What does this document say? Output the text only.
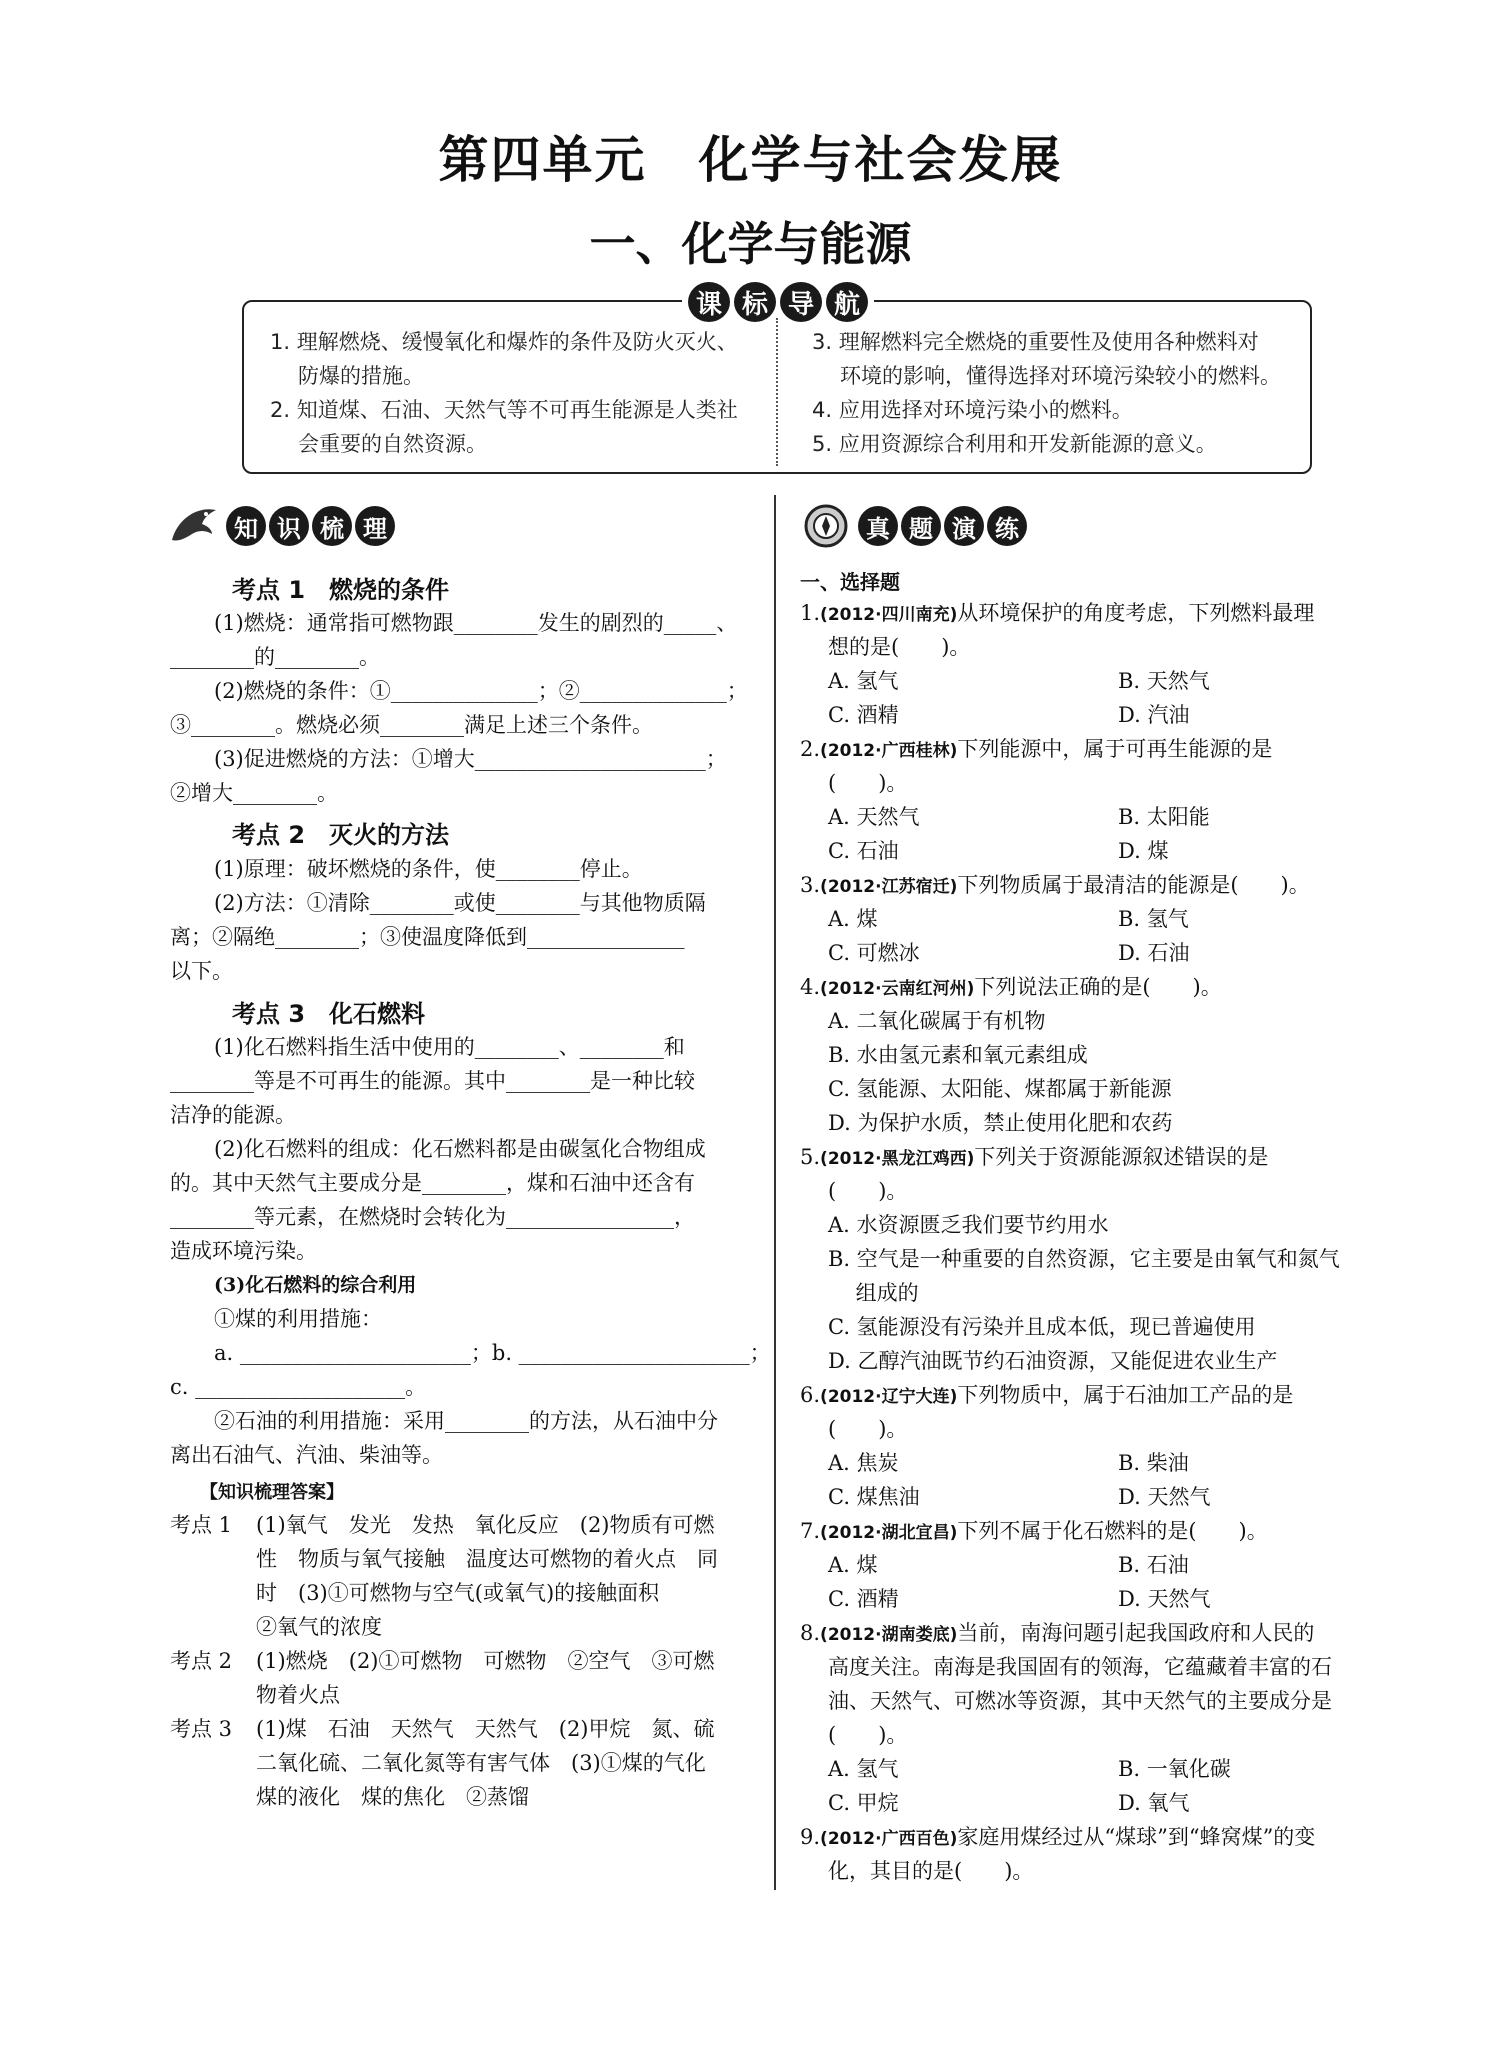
第四单元　化学与社会发展
一、化学与能源
课 标 导 航
1. 理解燃烧、缓慢氧化和爆炸的条件及防火灭火、
防爆的措施。
2. 知道煤、石油、天然气等不可再生能源是人类社
会重要的自然资源。
3. 理解燃料完全燃烧的重要性及使用各种燃料对
环境的影响，懂得选择对环境污染较小的燃料。
4. 应用选择对环境污染小的燃料。
5. 应用资源综合利用和开发新能源的意义。
知 识 梳 理
考点 1　燃烧的条件
(1)燃烧：通常指可燃物跟________发生的剧烈的_____、
________的________。
(2)燃烧的条件：①______________；②______________；
③________。燃烧必须________满足上述三个条件。
(3)促进燃烧的方法：①增大______________________；
②增大________。
考点 2　灭火的方法
(1)原理：破坏燃烧的条件，使________停止。
(2)方法：①清除________或使________与其他物质隔
离；②隔绝________；③使温度降低到_______________
以下。
考点 3　化石燃料
(1)化石燃料指生活中使用的________、________和
________等是不可再生的能源。其中________是一种比较
洁净的能源。
(2)化石燃料的组成：化石燃料都是由碳氢化合物组成
的。其中天然气主要成分是________，煤和石油中还含有
________等元素，在燃烧时会转化为________________，
造成环境污染。
(3)化石燃料的综合利用
①煤的利用措施：
a. ______________________；b. ______________________；
c. ____________________。
②石油的利用措施：采用________的方法，从石油中分
离出石油气、汽油、柴油等。
【知识梳理答案】
考点 1 (1)氧气　发光　发热　氧化反应　(2)物质有可燃
性　物质与氧气接触　温度达可燃物的着火点　同
时　(3)①可燃物与空气(或氧气)的接触面积
②氧气的浓度
考点 2 (1)燃烧　(2)①可燃物　可燃物　②空气　③可燃
物着火点
考点 3 (1)煤　石油　天然气　天然气　(2)甲烷　氮、硫
二氧化硫、二氧化氮等有害气体　(3)①煤的气化
煤的液化　煤的焦化　②蒸馏
真 题 演 练
一、选择题
1.(2012·四川南充)从环境保护的角度考虑，下列燃料最理
想的是(　　)。
A. 氢气	B. 天然气
C. 酒精	D. 汽油
2.(2012·广西桂林)下列能源中，属于可再生能源的是
(　　)。
A. 天然气	B. 太阳能
C. 石油	D. 煤
3.(2012·江苏宿迁)下列物质属于最清洁的能源是(　　)。
A. 煤	B. 氢气
C. 可燃冰	D. 石油
4.(2012·云南红河州)下列说法正确的是(　　)。
A. 二氧化碳属于有机物
B. 水由氢元素和氧元素组成
C. 氢能源、太阳能、煤都属于新能源
D. 为保护水质，禁止使用化肥和农药
5.(2012·黑龙江鸡西)下列关于资源能源叙述错误的是
(　　)。
A. 水资源匮乏我们要节约用水
B. 空气是一种重要的自然资源，它主要是由氧气和氮气
　 组成的
C. 氢能源没有污染并且成本低，现已普遍使用
D. 乙醇汽油既节约石油资源，又能促进农业生产
6.(2012·辽宁大连)下列物质中，属于石油加工产品的是
(　　)。
A. 焦炭	B. 柴油
C. 煤焦油	D. 天然气
7.(2012·湖北宜昌)下列不属于化石燃料的是(　　)。
A. 煤	B. 石油
C. 酒精	D. 天然气
8.(2012·湖南娄底)当前，南海问题引起我国政府和人民的
高度关注。南海是我国固有的领海，它蕴藏着丰富的石
油、天然气、可燃冰等资源，其中天然气的主要成分是
(　　)。
A. 氢气	B. 一氧化碳
C. 甲烷	D. 氧气
9.(2012·广西百色)家庭用煤经过从“煤球”到“蜂窝煤”的变
化，其目的是(　　)。
